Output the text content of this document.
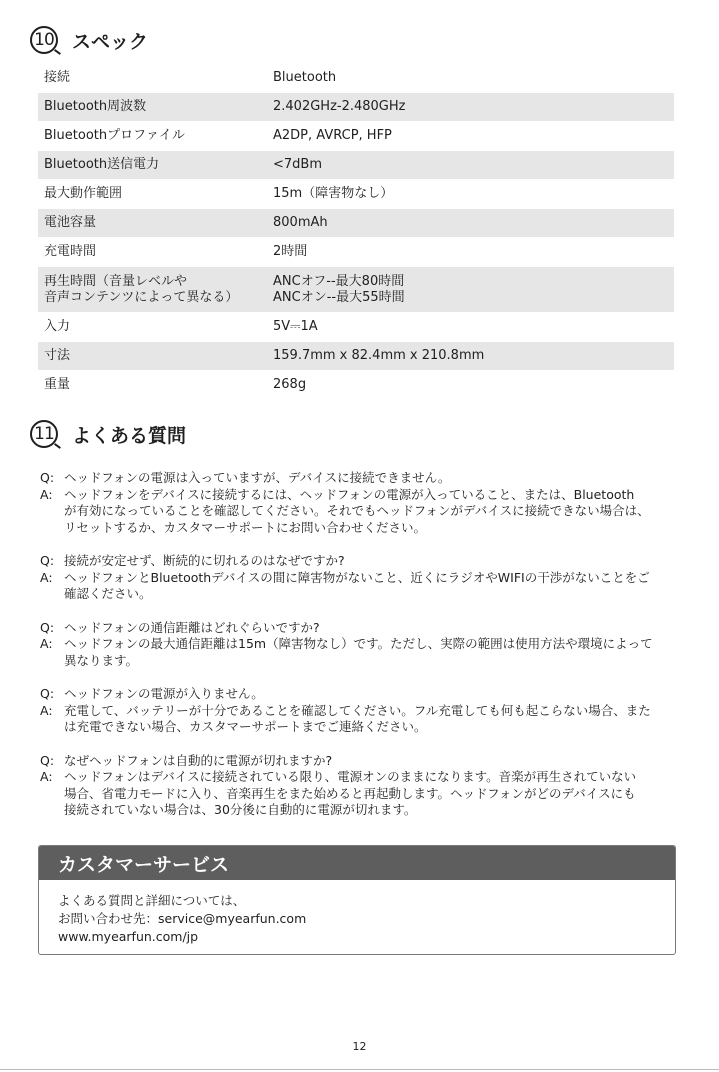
10 スペック
接続	Bluetooth

Bluetooth周波数	2.402GHz-2.480GHz

Bluetoothプロファイル	A2DP, AVRCP, HFP

Bluetooth送信電力	<7dBm

最大動作範囲	15m（障害物なし）

電池容量	800mAh

充電時間	2時間

再生時間（音量レベルや
音声コンテンツによって異なる）	ANCオフ--最大80時間
ANCオン--最大55時間

入力	5V⎓1A

寸法	159.7mm x 82.4mm x 210.8mm

重量	268g
11 よくある質問
Q: ヘッドフォンの電源は入っていますが、デバイスに接続できません。
A: ヘッドフォンをデバイスに接続するには、ヘッドフォンの電源が入っていること、または、Bluetooth
が有効になっていることを確認してください。それでもヘッドフォンがデバイスに接続できない場合は、
リセットするか、カスタマーサポートにお問い合わせください。
Q: 接続が安定せず、断続的に切れるのはなぜですか?
A: ヘッドフォンとBluetoothデバイスの間に障害物がないこと、近くにラジオやWIFIの干渉がないことをご
確認ください。
Q: ヘッドフォンの通信距離はどれぐらいですか?
A: ヘッドフォンの最大通信距離は15m（障害物なし）です。ただし、実際の範囲は使用方法や環境によって
異なります。
Q: ヘッドフォンの電源が入りません。
A: 充電して、バッテリーが十分であることを確認してください。フル充電しても何も起こらない場合、また
は充電できない場合、カスタマーサポートまでご連絡ください。
Q: なぜヘッドフォンは自動的に電源が切れますか?
A: ヘッドフォンはデバイスに接続されている限り、電源オンのままになります。音楽が再生されていない
場合、省電力モードに入り、音楽再生をまた始めると再起動します。ヘッドフォンがどのデバイスにも
接続されていない場合は、30分後に自動的に電源が切れます。
カスタマーサービス
よくある質問と詳細については、
お問い合わせ先：service@myearfun.com
www.myearfun.com/jp
12
